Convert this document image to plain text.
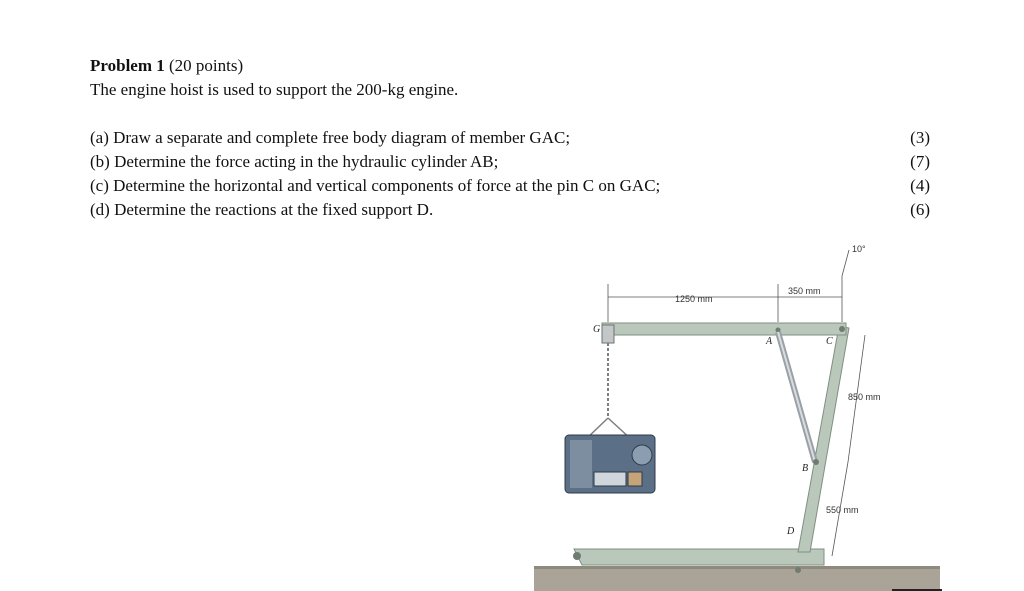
Problem 1 (20 points)
The engine hoist is used to support the 200-kg engine.
(a) Draw a separate and complete free body diagram of member GAC;	(3)
(b) Determine the force acting in the hydraulic cylinder AB;	(7)
(c) Determine the horizontal and vertical components of force at the pin C on GAC;	(4)
(d) Determine the reactions at the fixed support D.	(6)
1250 mm
350 mm
10°
850 mm
550 mm
G
A	C
B
D
